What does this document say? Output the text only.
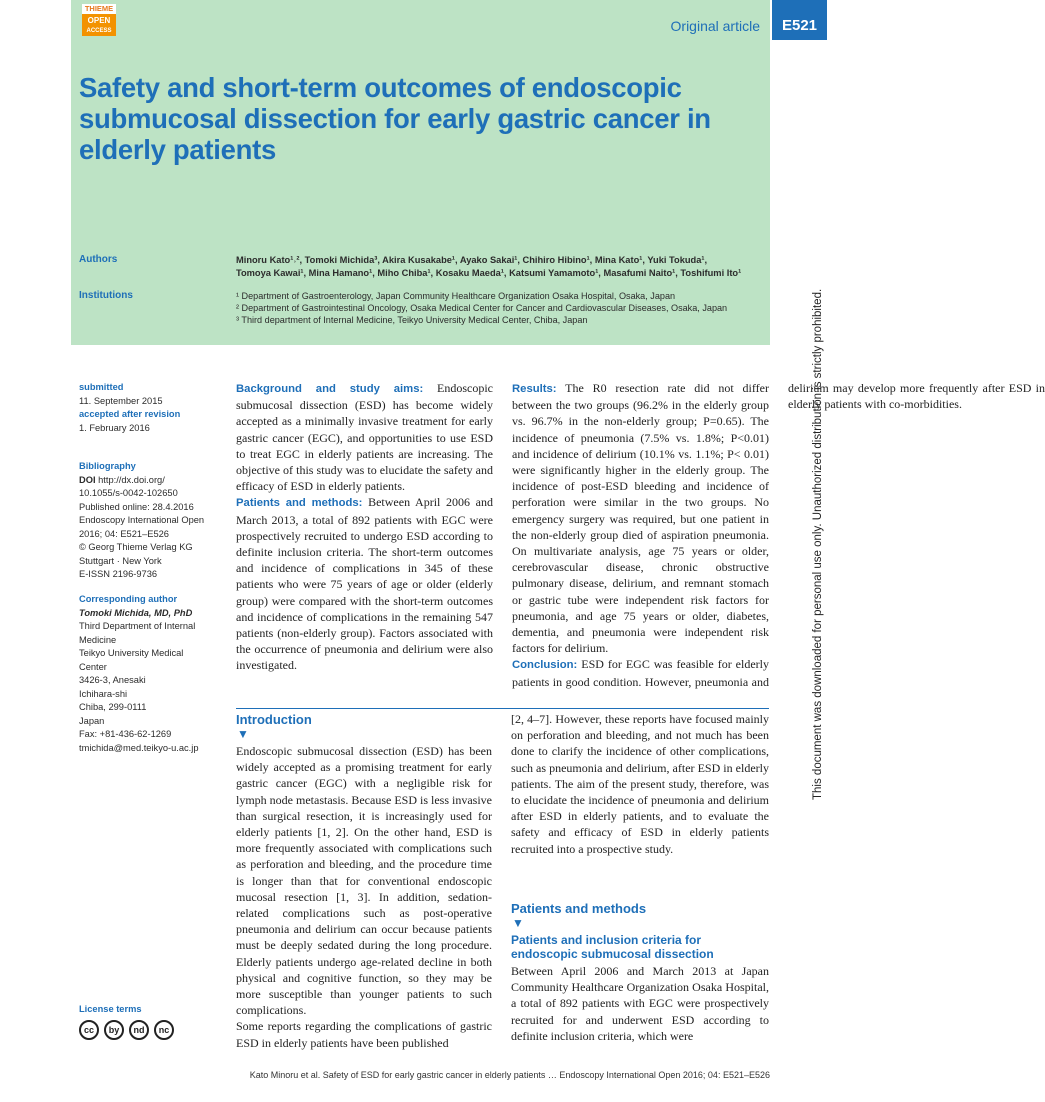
THIEME
OPEN
ACCESS	Original article	E521
Safety and short-term outcomes of endoscopic submucosal dissection for early gastric cancer in elderly patients
Authors	Minoru Kato¹˒², Tomoki Michida³, Akira Kusakabe¹, Ayako Sakai¹, Chihiro Hibino¹, Mina Kato¹, Yuki Tokuda¹,
Tomoya Kawai¹, Mina Hamano¹, Miho Chiba¹, Kosaku Maeda¹, Katsumi Yamamoto¹, Masafumi Naito¹, Toshifumi Ito¹
Institutions	¹ Department of Gastroenterology, Japan Community Healthcare Organization Osaka Hospital, Osaka, Japan
² Department of Gastrointestinal Oncology, Osaka Medical Center for Cancer and Cardiovascular Diseases, Osaka, Japan
³ Third department of Internal Medicine, Teikyo University Medical Center, Chiba, Japan	This document was downloaded for personal use only. Unauthorized distribution is strictly prohibited.
submitted
11. September 2015
accepted after revision
1. February 2016
Bibliography
DOI http://dx.doi.org/
10.1055/s-0042-102650
Published online: 28.4.2016
Endoscopy International Open
2016; 04: E521–E526
© Georg Thieme Verlag KG
Stuttgart · New York
E-ISSN 2196-9736
Corresponding author
Tomoki Michida, MD, PhD
Third Department of Internal
Medicine
Teikyo University Medical
Center
3426-3, Anesaki
Ichihara-shi
Chiba, 299-0111
Japan
Fax: +81-436-62-1269
tmichida@med.teikyo-u.ac.jp
License terms
cc	by	nd	nc

Background and study aims: Endoscopic submucosal dissection (ESD) has become widely accepted as a minimally invasive treatment for early gastric cancer (EGC), and opportunities to use ESD to treat EGC in elderly patients are increasing. The objective of this study was to elucidate the safety and efficacy of ESD in elderly patients.

Patients and methods: Between April 2006 and March 2013, a total of 892 patients with EGC were prospectively recruited to undergo ESD according to definite inclusion criteria. The short-term outcomes and incidence of complications in 345 of these patients who were 75 years of age or older (elderly group) were compared with the short-term outcomes and incidence of complications in the remaining 547 patients (non-elderly group). Factors associated with the occurrence of pneumonia and delirium were also investigated.

Results: The R0 resection rate did not differ between the two groups (96.2% in the elderly group vs. 96.7% in the non-elderly group; P=0.65). The incidence of pneumonia (7.5% vs. 1.8%; P<0.01) and incidence of delirium (10.1% vs. 1.1%; P< 0.01) were significantly higher in the elderly group. The incidence of post-ESD bleeding and incidence of perforation were similar in the two groups. No emergency surgery was required, but one patient in the non-elderly group died of aspiration pneumonia. On multivariate analysis, age 75 years or older, cerebrovascular disease, chronic obstructive pulmonary disease, delirium, and remnant stomach or gastric tube were independent risk factors for pneumonia, and age 75 years or older, diabetes, dementia, and pneumonia were independent risk factors for delirium.

Conclusion: ESD for EGC was feasible for elderly patients in good condition. However, pneumonia and delirium may develop more frequently after ESD in elderly patients with co-morbidities.

Introduction
▼

Endoscopic submucosal dissection (ESD) has been widely accepted as a promising treatment for early gastric cancer (EGC) with a negligible risk for lymph node metastasis. Because ESD is less invasive than surgical resection, it is increasingly used for elderly patients [1, 2]. On the other hand, ESD is more frequently associated with complications such as perforation and bleeding, and the procedure time is longer than that for conventional endoscopic mucosal resection [1, 3]. In addition, sedation-related complications such as post-operative pneumonia and delirium can occur because patients must be deeply sedated during the long procedure. Elderly patients undergo age-related decline in both physical and cognitive function, so they may be more susceptible than younger patients to such complications.

Some reports regarding the complications of gastric ESD in elderly patients have been published

[2, 4–7]. However, these reports have focused mainly on perforation and bleeding, and not much has been done to clarify the incidence of other complications, such as pneumonia and delirium, after ESD in elderly patients. The aim of the present study, therefore, was to elucidate the incidence of pneumonia and delirium after ESD in elderly patients, and to evaluate the safety and efficacy of ESD in elderly patients recruited into a prospective study.

Patients and methods
▼
Patients and inclusion criteria for endoscopic submucosal dissection

Between April 2006 and March 2013 at Japan Community Healthcare Organization Osaka Hospital, a total of 892 patients with EGC were prospectively recruited for and underwent ESD according to definite inclusion criteria, which were

Kato Minoru et al. Safety of ESD for early gastric cancer in elderly patients … Endoscopy International Open 2016; 04: E521–E526
